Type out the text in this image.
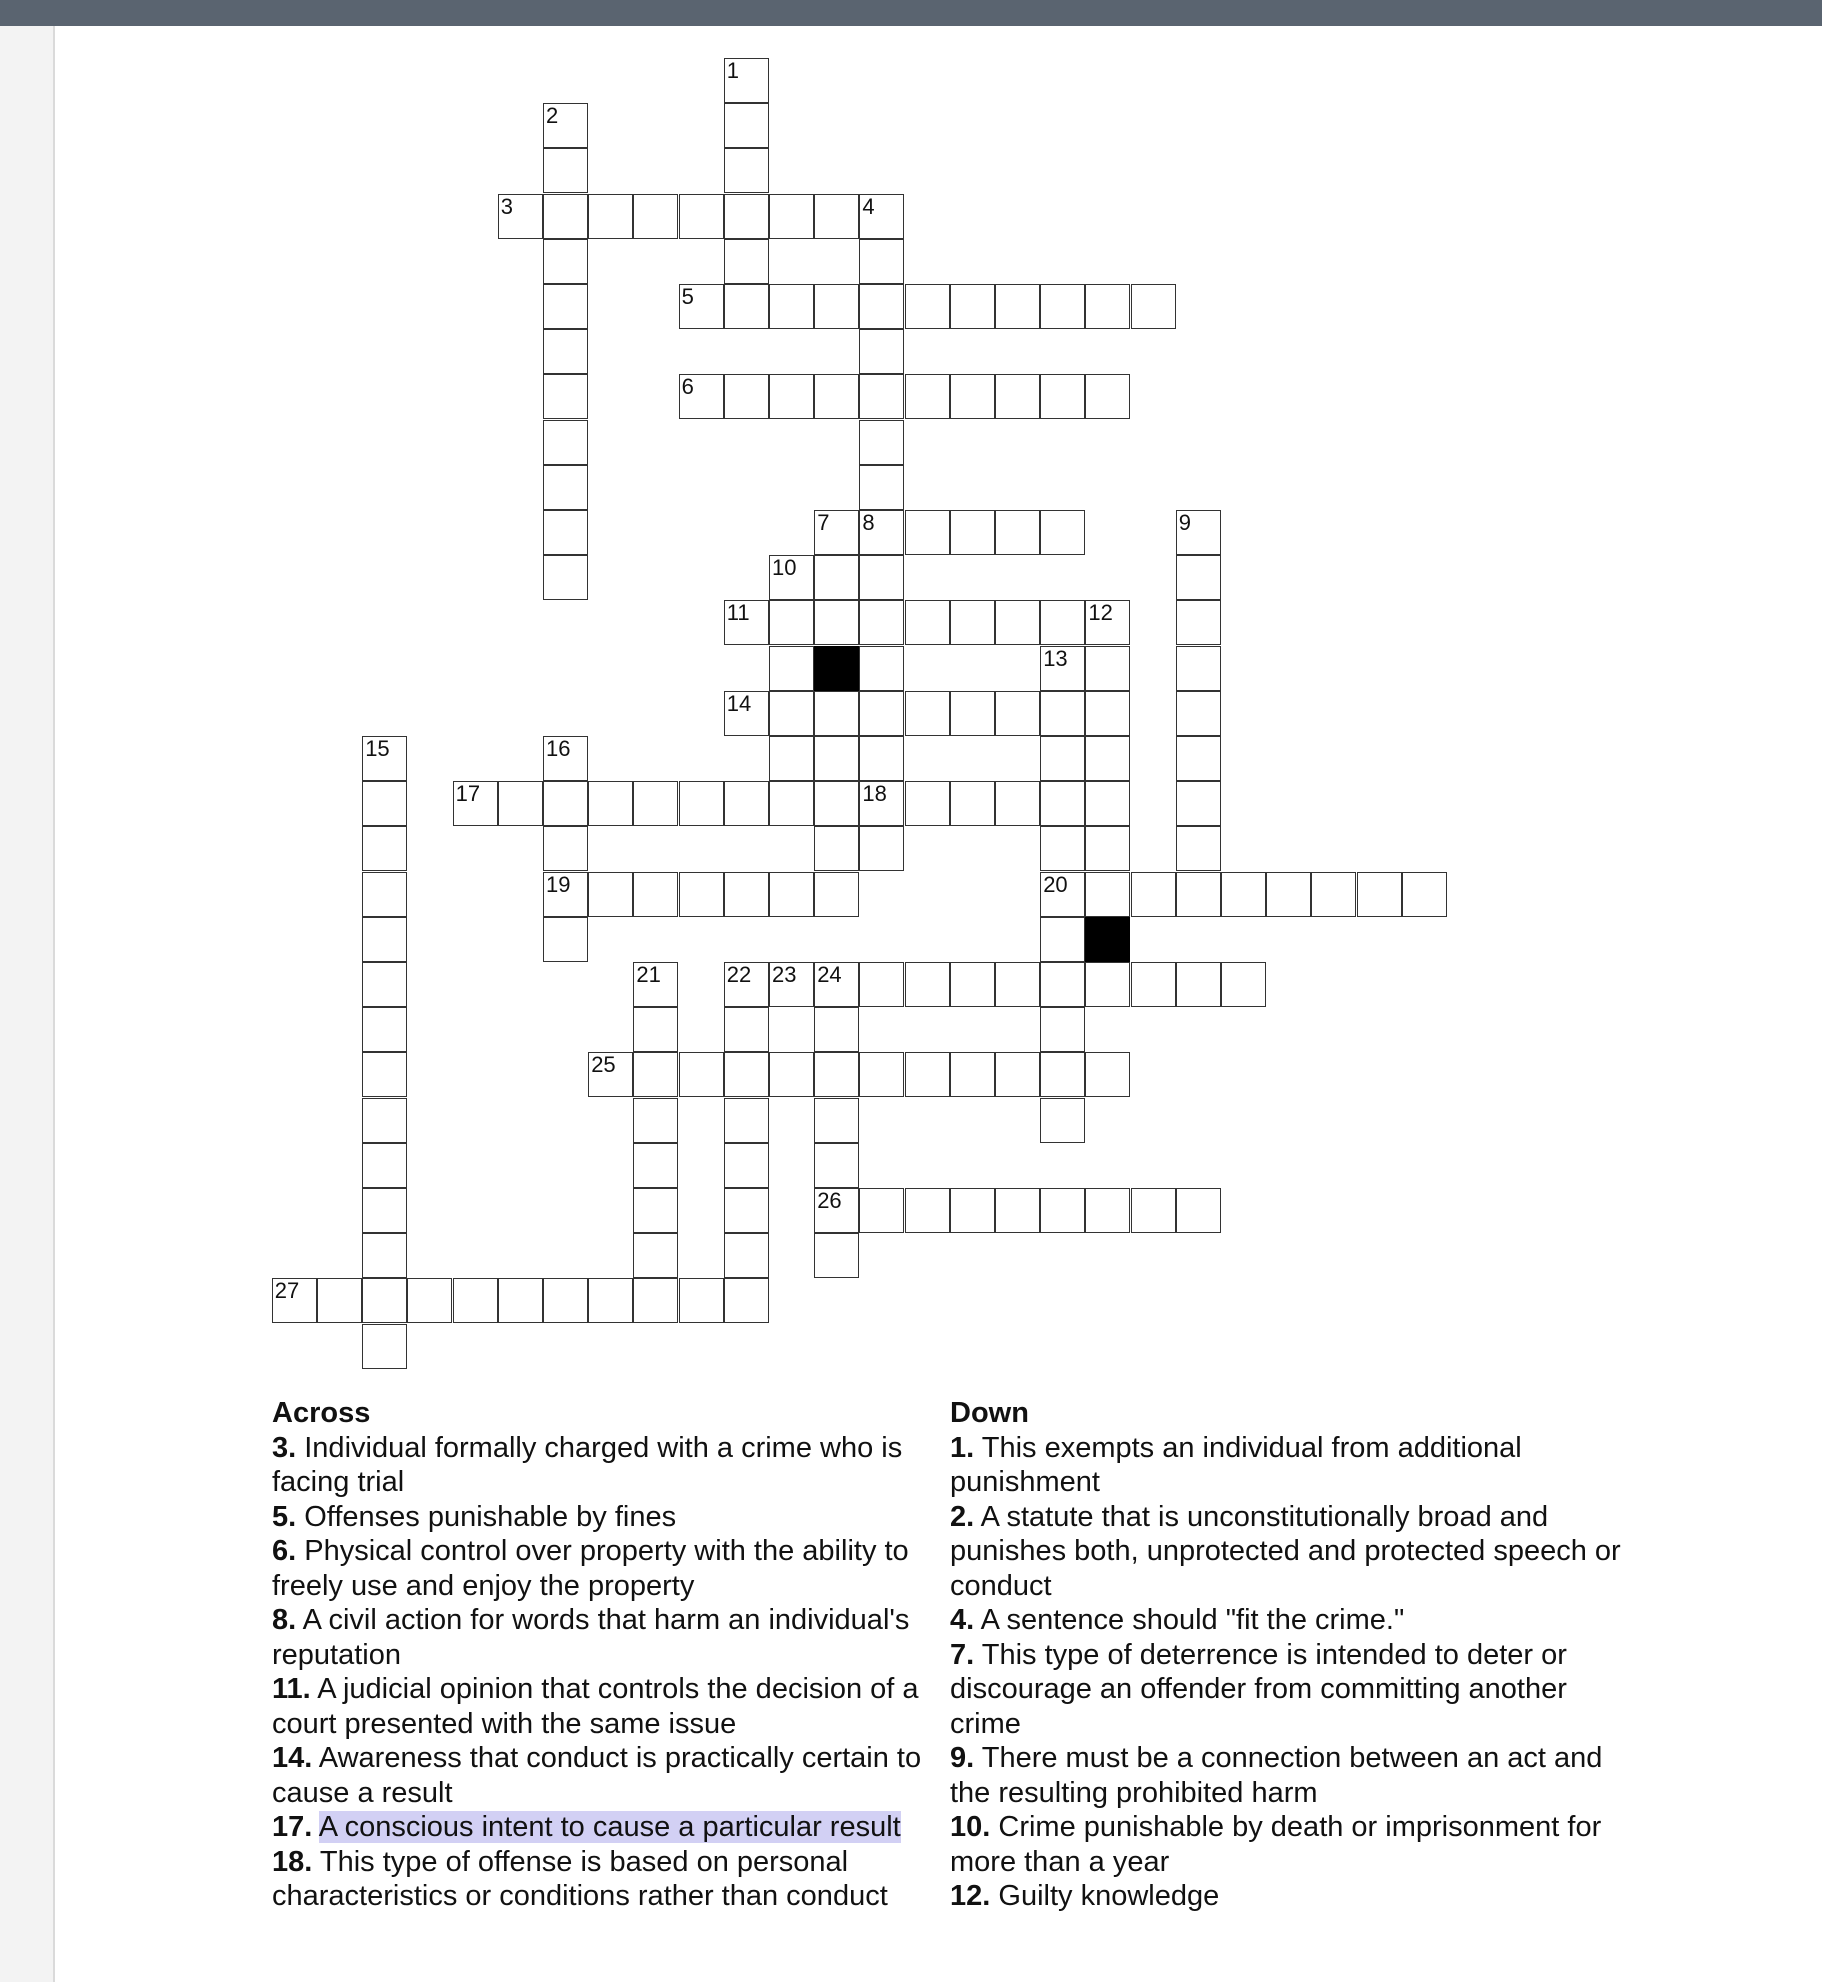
1
2
3	4
8
18
5
6
7	9
10
11	12
13
20
14
15	16
19
17
21	22 23 24
26
25
27
Across

3. Individual formally charged with a crime who is facing trial

5. Offenses punishable by fines

6. Physical control over property with the ability to freely use and enjoy the property

8. A civil action for words that harm an individual's reputation

11. A judicial opinion that controls the decision of a court presented with the same issue

14. Awareness that conduct is practically certain to cause a result

17. A conscious intent to cause a particular result

18. This type of offense is based on personal characteristics or conditions rather than conduct

Down

1. This exempts an individual from additional punishment

2. A statute that is unconstitutionally broad and punishes both, unprotected and protected speech or conduct

4. A sentence should "fit the crime."

7. This type of deterrence is intended to deter or discourage an offender from committing another crime

9. There must be a connection between an act and the resulting prohibited harm

10. Crime punishable by death or imprisonment for more than a year

12. Guilty knowledge
